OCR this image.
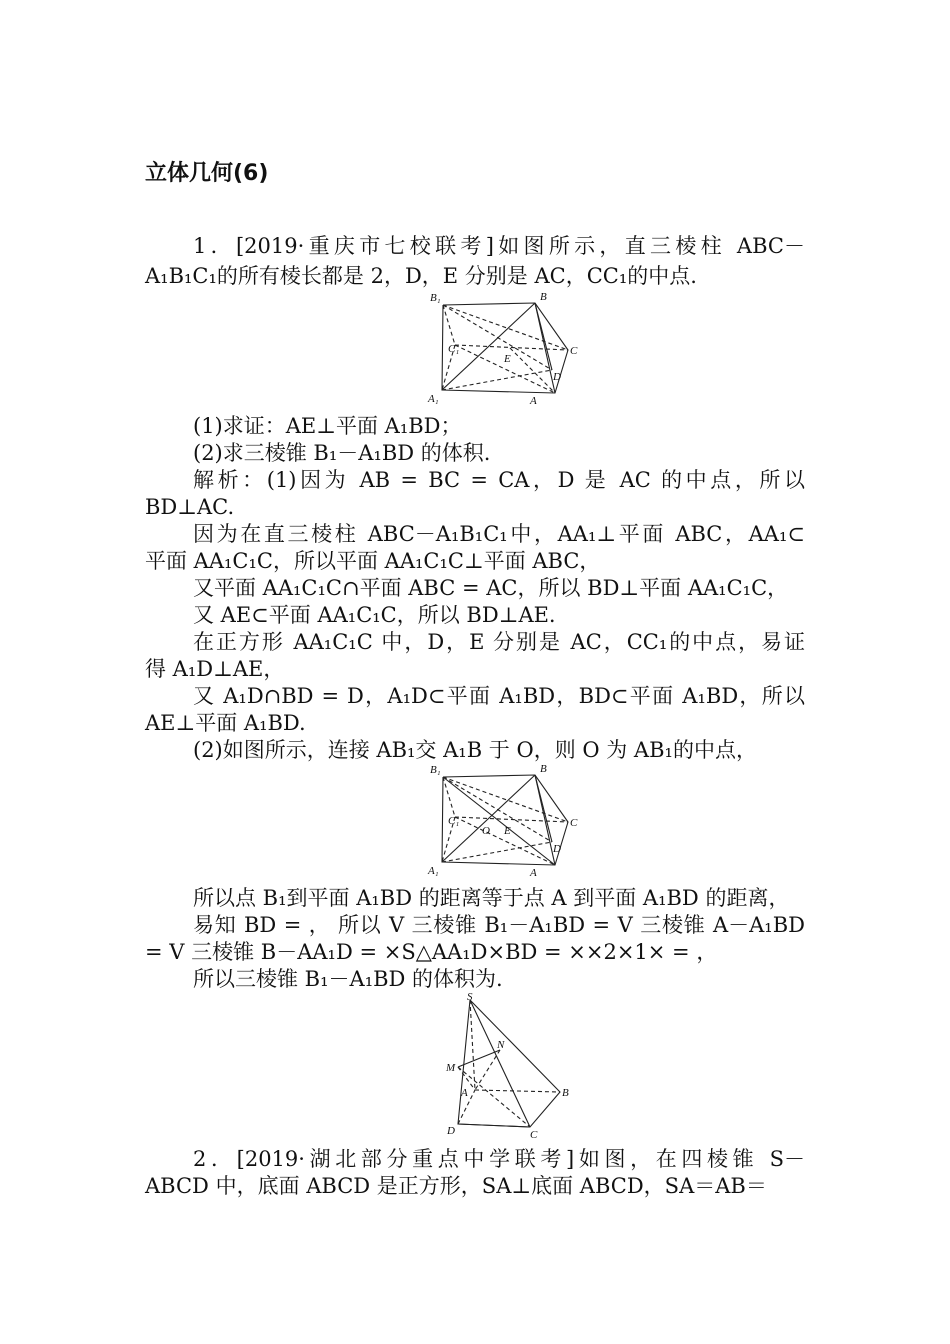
立体几何(6)
1．[2019·重庆市七校联考]如图所示，直三棱柱 ABC－
A₁B₁C₁的所有棱长都是 2，D，E 分别是 AC，CC₁的中点.
B₁	B
C₁
E
C
D
A₁	A
(1)求证：AE⊥平面 A₁BD；
(2)求三棱锥 B₁－A₁BD 的体积.
解析：(1)因为 AB = BC = CA，D 是 AC 的中点，所以
BD⊥AC.
因为在直三棱柱 ABC－A₁B₁C₁中，AA₁⊥平面 ABC，AA₁⊂
平面 AA₁C₁C，所以平面 AA₁C₁C⊥平面 ABC，
又平面 AA₁C₁C∩平面 ABC = AC，所以 BD⊥平面 AA₁C₁C，
又 AE⊂平面 AA₁C₁C，所以 BD⊥AE.
在正方形 AA₁C₁C 中，D，E 分别是 AC，CC₁的中点，易证
得 A₁D⊥AE，
又 A₁D∩BD = D，A₁D⊂平面 A₁BD，BD⊂平面 A₁BD，所以
AE⊥平面 A₁BD.
(2)如图所示，连接 AB₁交 A₁B 于 O，则 O 为 AB₁的中点，
B₁	B
C₁
O E
C
D
A₁	A
所以点 B₁到平面 A₁BD 的距离等于点 A 到平面 A₁BD 的距离，
易知 BD = ， 所以 V 三棱锥 B₁－A₁BD = V 三棱锥 A－A₁BD
= V 三棱锥 B－AA₁D = ×S△AA₁D×BD = ××2×1× = ，
所以三棱锥 B₁－A₁BD 的体积为.
S
N
M
A	B
D	C
2．[2019·湖北部分重点中学联考]如图，在四棱锥 S－
ABCD 中，底面 ABCD 是正方形，SA⊥底面 ABCD，SA＝AB＝
